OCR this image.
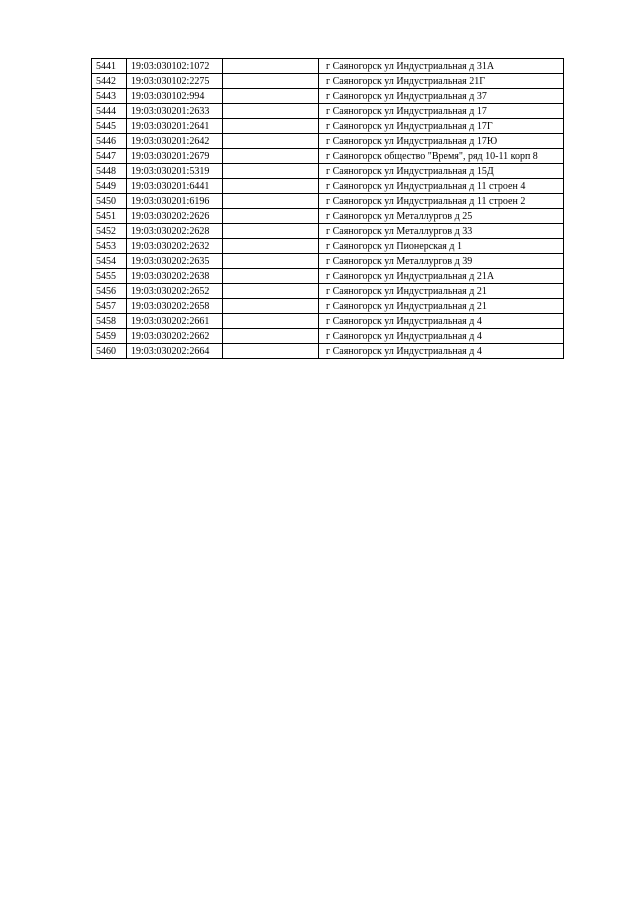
5441	19:03:030102:1072		г Саяногорск ул Индустриальная д 31А
5442	19:03:030102:2275		г Саяногорск ул Индустриальная 21Г
5443	19:03:030102:994		г Саяногорск ул Индустриальная д 37
5444	19:03:030201:2633		г Саяногорск ул Индустриальная д 17
5445	19:03:030201:2641		г Саяногорск ул Индустриальная д 17Г
5446	19:03:030201:2642		г Саяногорск ул Индустриальная д 17Ю
5447	19:03:030201:2679		г Саяногорск общество "Время", ряд 10-11 корп 8
5448	19:03:030201:5319		г Саяногорск ул Индустриальная д 15Д
5449	19:03:030201:6441		г Саяногорск ул Индустриальная д 11 строен 4
5450	19:03:030201:6196		г Саяногорск ул Индустриальная д 11 строен 2
5451	19:03:030202:2626		г Саяногорск ул Металлургов д 25
5452	19:03:030202:2628		г Саяногорск ул Металлургов д 33
5453	19:03:030202:2632		г Саяногорск ул Пионерская д 1
5454	19:03:030202:2635		г Саяногорск ул Металлургов д 39
5455	19:03:030202:2638		г Саяногорск ул Индустриальная д 21А
5456	19:03:030202:2652		г Саяногорск ул Индустриальная д 21
5457	19:03:030202:2658		г Саяногорск ул Индустриальная д 21
5458	19:03:030202:2661		г Саяногорск ул Индустриальная д 4
5459	19:03:030202:2662		г Саяногорск ул Индустриальная д 4
5460	19:03:030202:2664		г Саяногорск ул Индустриальная д 4
